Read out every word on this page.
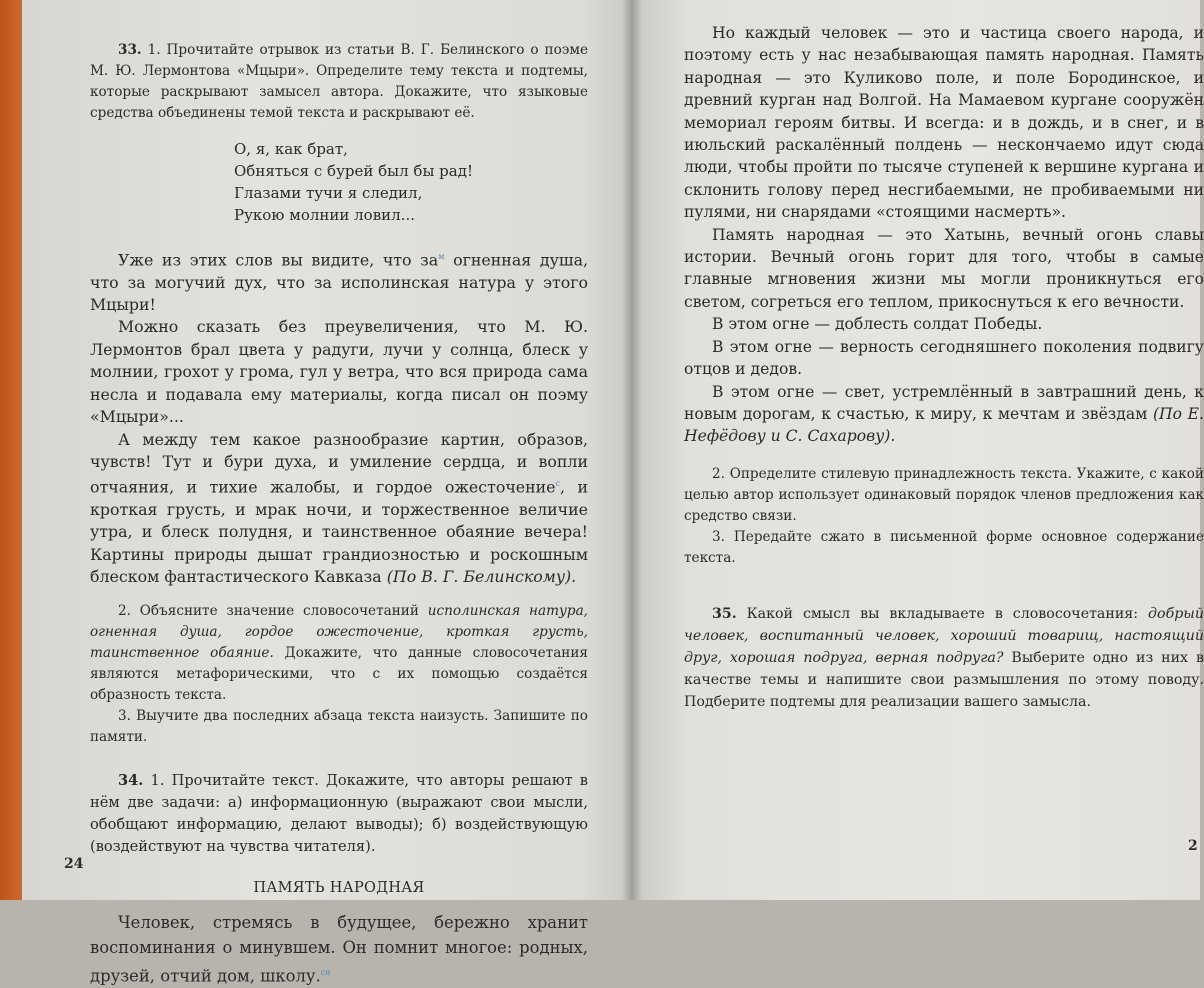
33. 1. Прочитайте отрывок из статьи В. Г. Белинского о поэме М. Ю. Лермонтова «Мцыри». Определите тему текста и подтемы, которые раскрывают замысел автора. Докажите, что языковые средства объединены темой текста и раскрывают её.

О, я, как брат,
Обняться с бурей был бы рад!
Глазами тучи я следил,
Рукою молнии ловил...

Уже из этих слов вы видите, что $за^м$ огненная душа, что за могучий дух, что за исполинская натура у этого Мцыри!

Можно сказать без преувеличения, что М. Ю. Лермонтов брал цвета у радуги, лучи у солнца, блеск у молнии, грохот у грома, гул у ветра, что вся природа сама несла и подавала ему материалы, когда писал он поэму «Мцыри»...

А между тем какое разнообразие картин, образов, чувств! Тут и бури духа, и умиление сердца, и вопли отчаяния, и тихие жалобы, и гордое ожесточение$^с$, и кроткая грусть, и мрак ночи, и торжественное величие утра, и блеск полудня, и таинственное обаяние вечера! Картины природы дышат грандиозностью и роскошным блеском фантастического Кавказа (По В. Г. Белинскому).

2. Объясните значение словосочетаний исполинская натура, огненная душа, гордое ожесточение, кроткая грусть, таинственное обаяние. Докажите, что данные словосочетания являются метафорическими, что с их помощью создаётся образность текста.

3. Выучите два последних абзаца текста наизусть. Запишите по памяти.

34. 1. Прочитайте текст. Докажите, что авторы решают в нём две задачи: а) информационную (выражают свои мысли, обобщают информацию, делают выводы); б) воздействующую (воздействуют на чувства читателя).

ПАМЯТЬ НАРОДНАЯ

Человек, стремясь в будущее, бережно хранит воспоминания о минувшем. Он помнит многое: родных, друзей, отчий дом, школу.$^{сн}$

24

Но каждый человек — это и частица своего народа, и поэтому есть у нас незабывающая память народная. Память народная — это Куликово поле, и поле Бородинское, и древний курган над Волгой. На Мамаевом кургане сооружён мемориал героям битвы. И всегда: и в дождь, и в снег, и в июльский раскалённый полдень — нескончаемо идут сюда люди, чтобы пройти по тысяче ступеней к вершине кургана и склонить голову перед несгибаемыми, не пробиваемыми ни пулями, ни снарядами «стоящими насмерть».

Память народная — это Хатынь, вечный огонь славы истории. Вечный огонь горит для того, чтобы в самые главные мгновения жизни мы могли проникнуться его светом, согреться его теплом, прикоснуться к его вечности.

В этом огне — доблесть солдат Победы.

В этом огне — верность сегодняшнего поколения подвигу отцов и дедов.

В этом огне — свет, устремлённый в завтрашний день, к новым дорогам, к счастью, к миру, к мечтам и звёздам (По Е. Нефёдову и С. Сахарову).

2. Определите стилевую принадлежность текста. Укажите, с какой целью автор использует одинаковый порядок членов предложения как средство связи.

3. Передайте сжато в письменной форме основное содержание текста.

35. Какой смысл вы вкладываете в словосочетания: добрый человек, воспитанный человек, хороший товарищ, настоящий друг, хорошая подруга, верная подруга? Выберите одно из них в качестве темы и напишите свои размышления по этому поводу. Подберите подтемы для реализации вашего замысла.

2
